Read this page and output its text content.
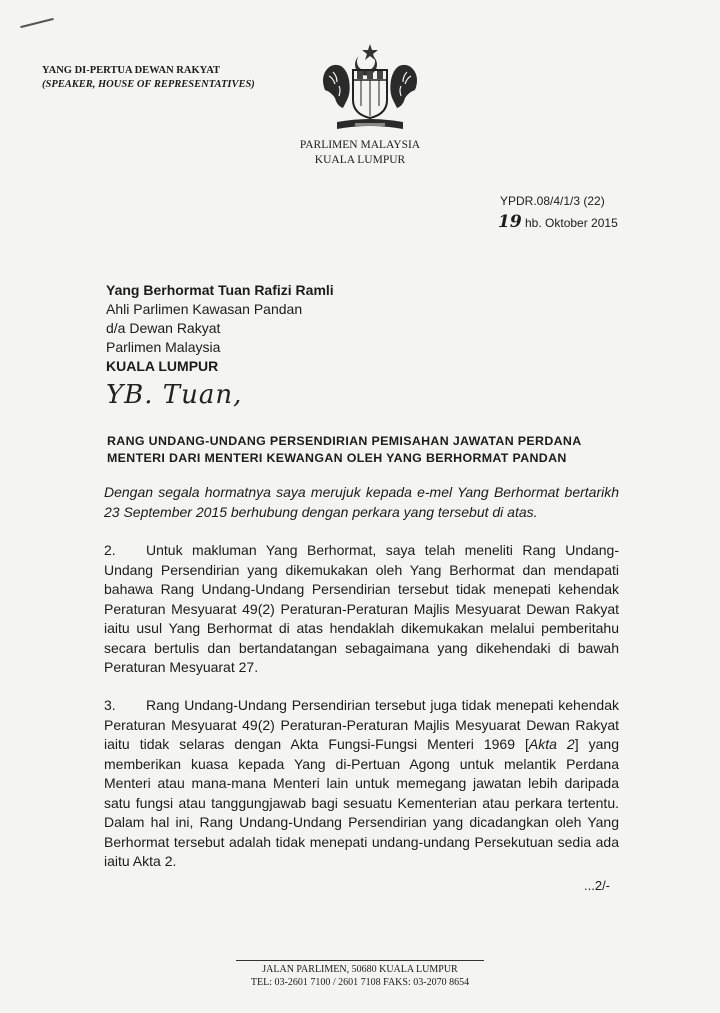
YANG DI-PERTUA DEWAN RAKYAT
(SPEAKER, HOUSE OF REPRESENTATIVES)
PARLIMEN MALAYSIA
KUALA LUMPUR
YPDR.08/4/1/3 (22)
19 hb. Oktober 2015
Yang Berhormat Tuan Rafizi Ramli
Ahli Parlimen Kawasan Pandan
d/a Dewan Rakyat
Parlimen Malaysia
KUALA LUMPUR
YB. Tuan,
RANG UNDANG-UNDANG PERSENDIRIAN PEMISAHAN JAWATAN PERDANA MENTERI DARI MENTERI KEWANGAN OLEH YANG BERHORMAT PANDAN
Dengan segala hormatnya saya merujuk kepada e-mel Yang Berhormat bertarikh 23 September 2015 berhubung dengan perkara yang tersebut di atas.
2. Untuk makluman Yang Berhormat, saya telah meneliti Rang Undang-Undang Persendirian yang dikemukakan oleh Yang Berhormat dan mendapati bahawa Rang Undang-Undang Persendirian tersebut tidak menepati kehendak Peraturan Mesyuarat 49(2) Peraturan-Peraturan Majlis Mesyuarat Dewan Rakyat iaitu usul Yang Berhormat di atas hendaklah dikemukakan melalui pemberitahu secara bertulis dan bertandatangan sebagaimana yang dikehendaki di bawah Peraturan Mesyuarat 27.
3. Rang Undang-Undang Persendirian tersebut juga tidak menepati kehendak Peraturan Mesyuarat 49(2) Peraturan-Peraturan Majlis Mesyuarat Dewan Rakyat iaitu tidak selaras dengan Akta Fungsi-Fungsi Menteri 1969 [Akta 2] yang memberikan kuasa kepada Yang di-Pertuan Agong untuk melantik Perdana Menteri atau mana-mana Menteri lain untuk memegang jawatan lebih daripada satu fungsi atau tanggungjawab bagi sesuatu Kementerian atau perkara tertentu. Dalam hal ini, Rang Undang-Undang Persendirian yang dicadangkan oleh Yang Berhormat tersebut adalah tidak menepati undang-undang Persekutuan sedia ada iaitu Akta 2.
...2/-
JALAN PARLIMEN, 50680 KUALA LUMPUR
TEL: 03-2601 7100 / 2601 7108 FAKS: 03-2070 8654
